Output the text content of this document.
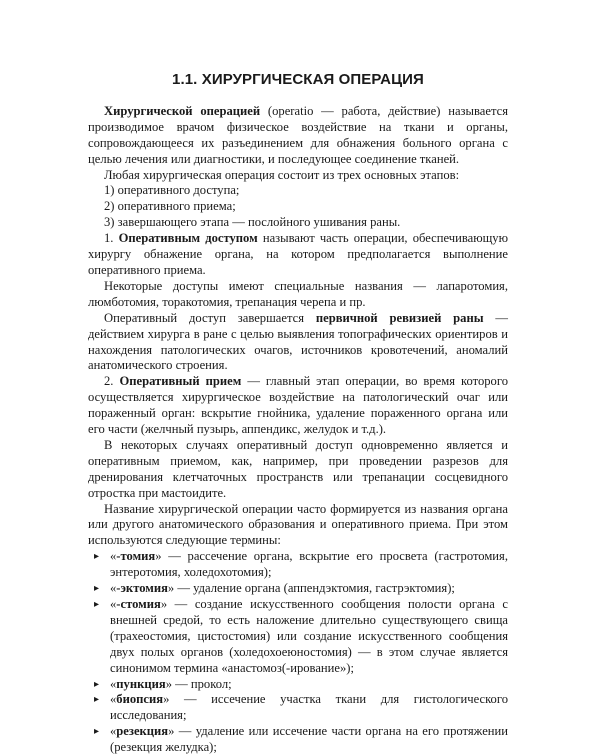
1.1. ХИРУРГИЧЕСКАЯ ОПЕРАЦИЯ

Хирургической операцией (operatio — работа, действие) называется производимое врачом физическое воздействие на ткани и органы, сопровождающееся их разъединением для обнажения больного органа с целью лечения или диагностики, и последующее соединение тканей.

Любая хирургическая операция состоит из трех основных этапов:

1) оперативного доступа;

2) оперативного приема;

3) завершающего этапа — послойного ушивания раны.

1. Оперативным доступом называют часть операции, обеспечивающую хирургу обнажение органа, на котором предполагается выполнение оперативного приема.

Некоторые доступы имеют специальные названия — лапаротомия, люмботомия, торакотомия, трепанация черепа и пр.

Оперативный доступ завершается первичной ревизией раны — действием хирурга в ране с целью выявления топографических ориентиров и нахождения патологических очагов, источников кровотечений, аномалий анатомического строения.

2. Оперативный прием — главный этап операции, во время которого осуществляется хирургическое воздействие на патологический очаг или пораженный орган: вскрытие гнойника, удаление пораженного органа или его части (желчный пузырь, аппендикс, желудок и т.д.).

В некоторых случаях оперативный доступ одновременно является и оперативным приемом, как, например, при проведении разрезов для дренирования клетчаточных пространств или трепанации сосцевидного отростка при мастоидите.

Название хирургической операции часто формируется из названия органа или другого анатомического образования и оперативного приема. При этом используются следующие термины:

▸ «-томия» — рассечение органа, вскрытие его просвета (гастротомия, энтеротомия, холедохотомия);
▸ «-эктомия» — удаление органа (аппендэктомия, гастрэктомия);
▸ «-стомия» — создание искусственного сообщения полости органа с внешней средой, то есть наложение длительно существующего свища (трахеостомия, цистостомия) или создание искусственного сообщения двух полых органов (холедохоеюностомия) — в этом случае является синонимом термина «анастомоз(-ирование»);
▸ «пункция» — прокол;
▸ «биопсия» — иссечение участка ткани для гистологического исследования;
▸ «резекция» — удаление или иссечение части органа на его протяжении (резекция желудка);
